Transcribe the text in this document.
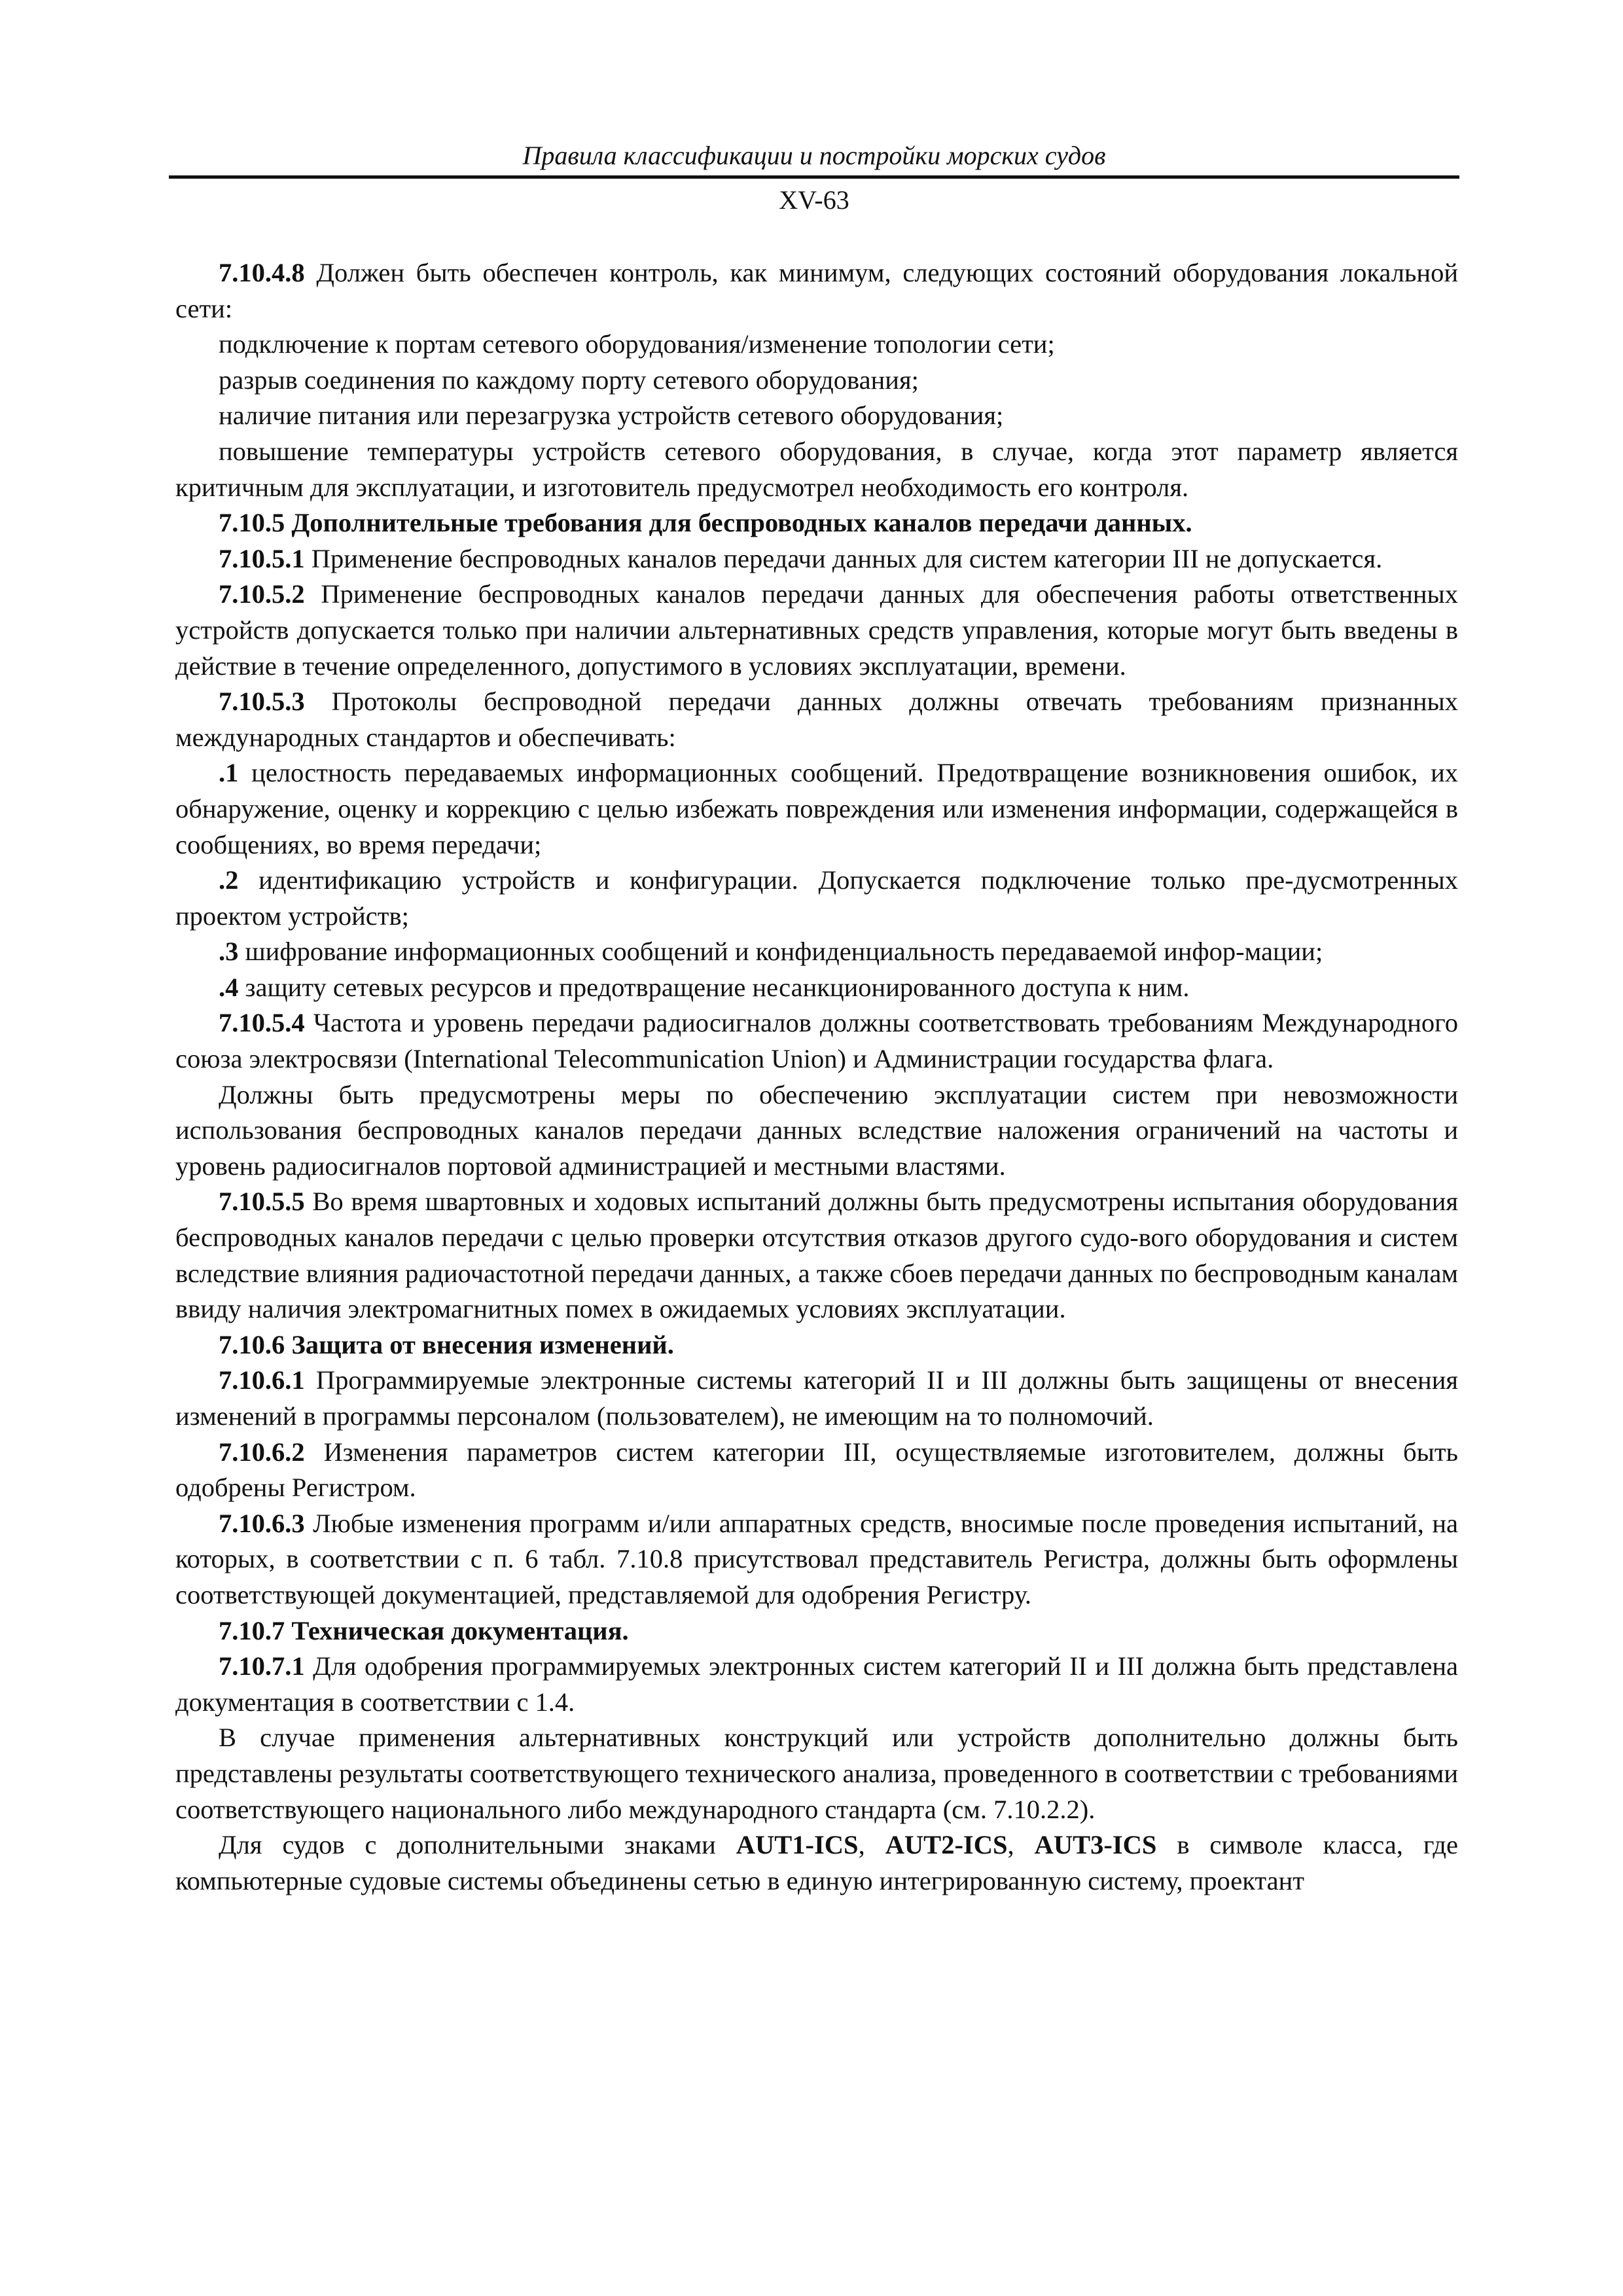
Правила классификации и постройки морских судов
XV-63

7.10.4.8 Должен быть обеспечен контроль, как минимум, следующих состояний оборудования локальной сети:

подключение к портам сетевого оборудования/изменение топологии сети;

разрыв соединения по каждому порту сетевого оборудования;

наличие питания или перезагрузка устройств сетевого оборудования;

повышение температуры устройств сетевого оборудования, в случае, когда этот параметр является критичным для эксплуатации, и изготовитель предусмотрел необходимость его контроля.

7.10.5 Дополнительные требования для беспроводных каналов передачи данных.

7.10.5.1 Применение беспроводных каналов передачи данных для систем категории III не допускается.

7.10.5.2 Применение беспроводных каналов передачи данных для обеспечения работы ответственных устройств допускается только при наличии альтернативных средств управления, которые могут быть введены в действие в течение определенного, допустимого в условиях эксплуатации, времени.

7.10.5.3 Протоколы беспроводной передачи данных должны отвечать требованиям признанных международных стандартов и обеспечивать:

.1 целостность передаваемых информационных сообщений. Предотвращение возникновения ошибок, их обнаружение, оценку и коррекцию с целью избежать повреждения или изменения информации, содержащейся в сообщениях, во время передачи;

.2 идентификацию устройств и конфигурации. Допускается подключение только пре-дусмотренных проектом устройств;

.3 шифрование информационных сообщений и конфиденциальность передаваемой инфор-мации;

.4 защиту сетевых ресурсов и предотвращение несанкционированного доступа к ним.

7.10.5.4 Частота и уровень передачи радиосигналов должны соответствовать требованиям Международного союза электросвязи (International Telecommunication Union) и Администрации государства флага.

Должны быть предусмотрены меры по обеспечению эксплуатации систем при невозможности использования беспроводных каналов передачи данных вследствие наложения ограничений на частоты и уровень радиосигналов портовой администрацией и местными властями.

7.10.5.5 Во время швартовных и ходовых испытаний должны быть предусмотрены испытания оборудования беспроводных каналов передачи с целью проверки отсутствия отказов другого судо-вого оборудования и систем вследствие влияния радиочастотной передачи данных, а также сбоев передачи данных по беспроводным каналам ввиду наличия электромагнитных помех в ожидаемых условиях эксплуатации.

7.10.6 Защита от внесения изменений.

7.10.6.1 Программируемые электронные системы категорий II и III должны быть защищены от внесения изменений в программы персоналом (пользователем), не имеющим на то полномочий.

7.10.6.2 Изменения параметров систем категории III, осуществляемые изготовителем, должны быть одобрены Регистром.

7.10.6.3 Любые изменения программ и/или аппаратных средств, вносимые после проведения испытаний, на которых, в соответствии с п. 6 табл. 7.10.8 присутствовал представитель Регистра, должны быть оформлены соответствующей документацией, представляемой для одобрения Регистру.

7.10.7 Техническая документация.

7.10.7.1 Для одобрения программируемых электронных систем категорий II и III должна быть представлена документация в соответствии с 1.4.

В случае применения альтернативных конструкций или устройств дополнительно должны быть представлены результаты соответствующего технического анализа, проведенного в соответствии с требованиями соответствующего национального либо международного стандарта (см. 7.10.2.2).

Для судов с дополнительными знаками AUT1-ICS, AUT2-ICS, AUT3-ICS в символе класса, где компьютерные судовые системы объединены сетью в единую интегрированную систему, проектант
